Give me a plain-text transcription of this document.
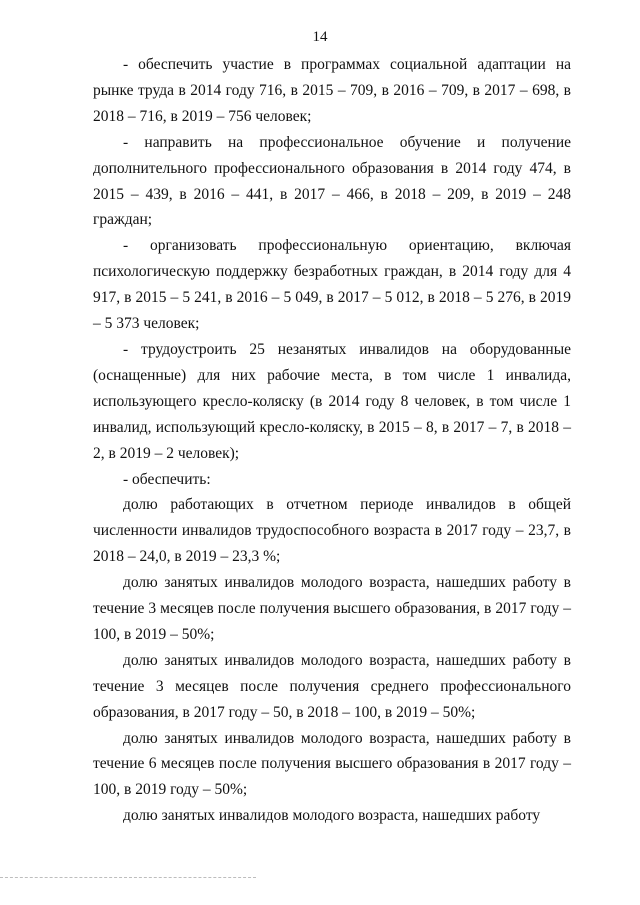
14

- обеспечить участие в программах социальной адаптации на рынке труда в 2014 году 716, в 2015 – 709, в 2016 – 709, в 2017 – 698, в 2018 – 716, в 2019 – 756 человек;

- направить на профессиональное обучение и получение дополнительного профессионального образования в 2014 году 474, в 2015 – 439, в 2016 – 441, в 2017 – 466, в 2018 – 209, в 2019 – 248 граждан;

- организовать профессиональную ориентацию, включая психологическую поддержку безработных граждан, в 2014 году для 4 917, в 2015 – 5 241, в 2016 – 5 049, в 2017 – 5 012, в 2018 – 5 276, в 2019 – 5 373 человек;

- трудоустроить 25 незанятых инвалидов на оборудованные (оснащенные) для них рабочие места, в том числе 1 инвалида, использующего кресло-коляску (в 2014 году 8 человек, в том числе 1 инвалид, использующий кресло-коляску, в 2015 – 8, в 2017 – 7, в 2018 – 2, в 2019 – 2 человек);

- обеспечить:

долю работающих в отчетном периоде инвалидов в общей численности инвалидов трудоспособного возраста в 2017 году – 23,7, в 2018 – 24,0, в 2019 – 23,3 %;

долю занятых инвалидов молодого возраста, нашедших работу в течение 3 месяцев после получения высшего образования, в 2017 году – 100, в 2019 – 50%;

долю занятых инвалидов молодого возраста, нашедших работу в течение 3 месяцев после получения среднего профессионального образования, в 2017 году – 50, в 2018 – 100, в 2019 – 50%;

долю занятых инвалидов молодого возраста, нашедших работу в течение 6 месяцев после получения высшего образования в 2017 году – 100, в 2019 году – 50%;

долю занятых инвалидов молодого возраста, нашедших работу
